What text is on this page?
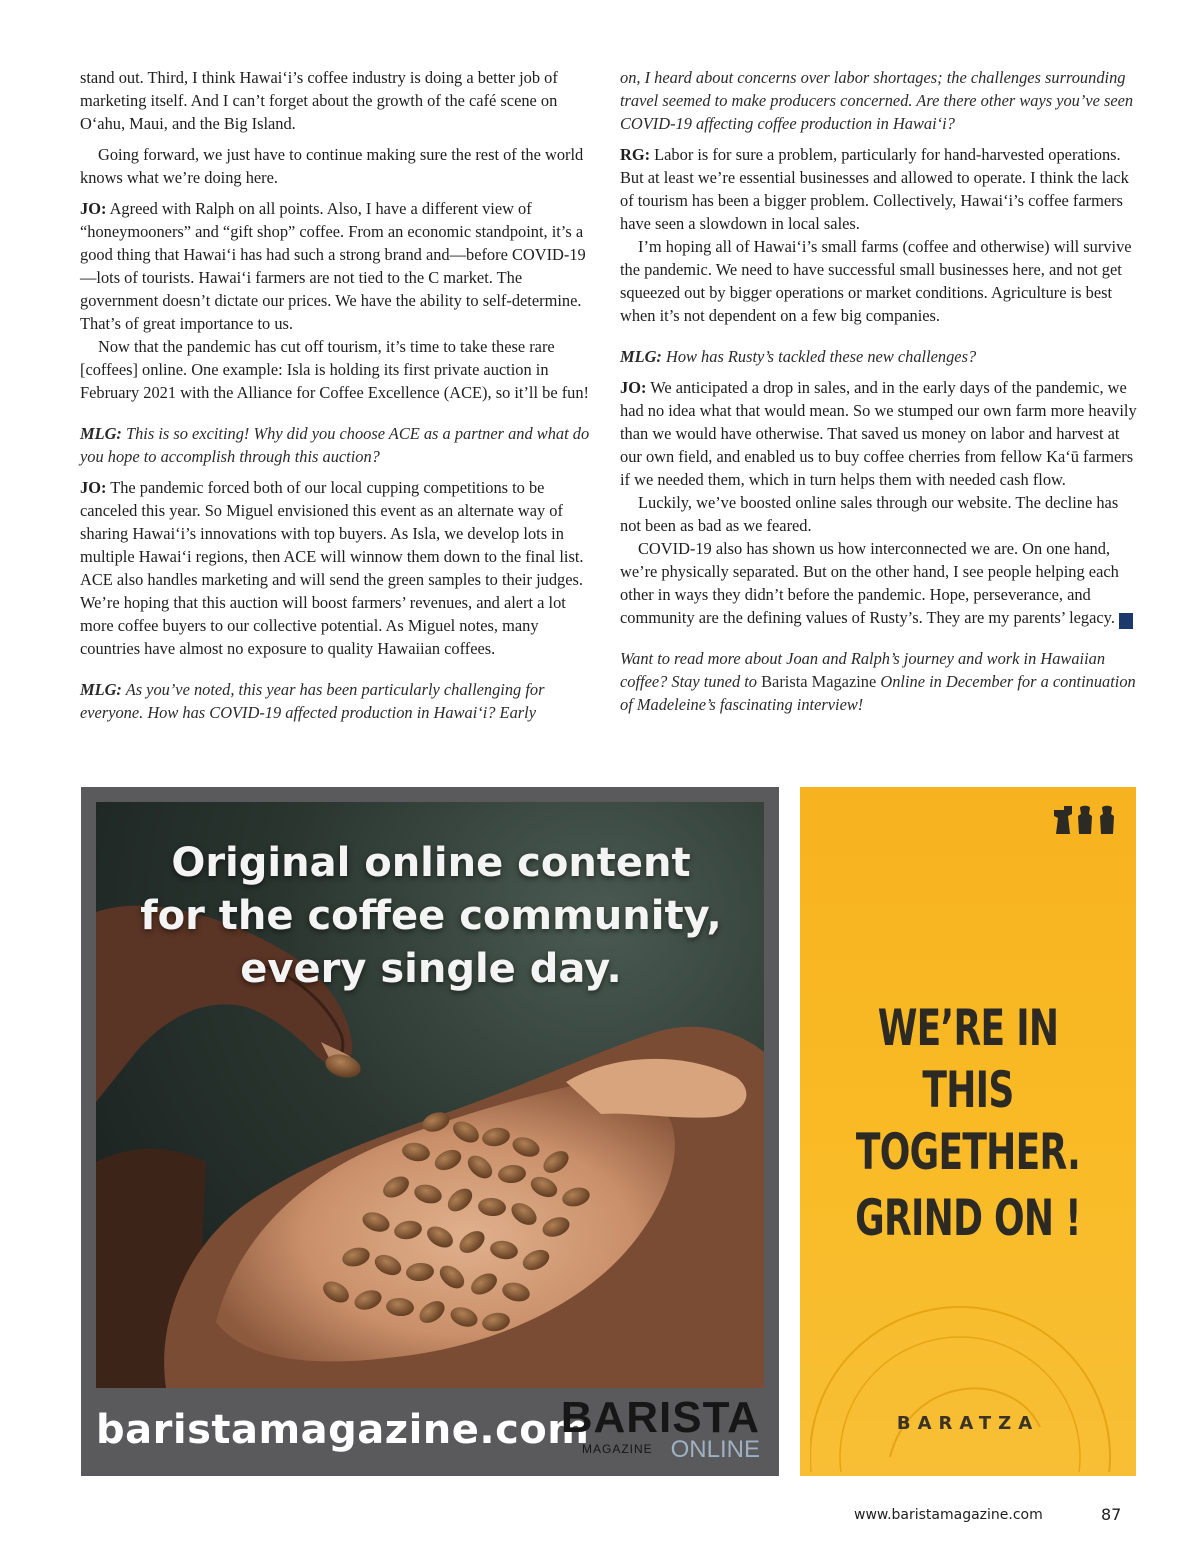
stand out. Third, I think Hawai‘i’s coffee industry is doing a better job of marketing itself. And I can’t forget about the growth of the café scene on O‘ahu, Maui, and the Big Island.

Going forward, we just have to continue making sure the rest of the world knows what we’re doing here.

JO: Agreed with Ralph on all points. Also, I have a different view of “honeymooners” and “gift shop” coffee. From an economic standpoint, it’s a good thing that Hawai‘i has had such a strong brand and—before COVID-19—lots of tourists. Hawai‘i farmers are not tied to the C market. The government doesn’t dictate our prices. We have the ability to self-determine. That’s of great importance to us.

Now that the pandemic has cut off tourism, it’s time to take these rare [coffees] online. One example: Isla is holding its first private auction in February 2021 with the Alliance for Coffee Excellence (ACE), so it’ll be fun!

MLG: This is so exciting! Why did you choose ACE as a partner and what do you hope to accomplish through this auction?

JO: The pandemic forced both of our local cupping competitions to be canceled this year. So Miguel envisioned this event as an alternate way of sharing Hawai‘i’s innovations with top buyers. As Isla, we develop lots in multiple Hawai‘i regions, then ACE will winnow them down to the final list. ACE also handles marketing and will send the green samples to their judges. We’re hoping that this auction will boost farmers’ revenues, and alert a lot more coffee buyers to our collective potential. As Miguel notes, many countries have almost no exposure to quality Hawaiian coffees.

MLG: As you’ve noted, this year has been particularly challenging for everyone. How has COVID-19 affected production in Hawai‘i? Early

on, I heard about concerns over labor shortages; the challenges surrounding travel seemed to make producers concerned. Are there other ways you’ve seen COVID-19 affecting coffee production in Hawai‘i?

RG: Labor is for sure a problem, particularly for hand-harvested operations. But at least we’re essential businesses and allowed to operate. I think the lack of tourism has been a bigger problem. Collectively, Hawai‘i’s coffee farmers have seen a slowdown in local sales.

I’m hoping all of Hawai‘i’s small farms (coffee and otherwise) will survive the pandemic. We need to have successful small businesses here, and not get squeezed out by bigger operations or market conditions. Agriculture is best when it’s not dependent on a few big companies.

MLG: How has Rusty’s tackled these new challenges?

JO: We anticipated a drop in sales, and in the early days of the pandemic, we had no idea what that would mean. So we stumped our own farm more heavily than we would have otherwise. That saved us money on labor and harvest at our own field, and enabled us to buy coffee cherries from fellow Ka‘ū farmers if we needed them, which in turn helps them with needed cash flow.

Luckily, we’ve boosted online sales through our website. The decline has not been as bad as we feared.

COVID-19 also has shown us how interconnected we are. On one hand, we’re physically separated. But on the other hand, I see people helping each other in ways they didn’t before the pandemic. Hope, perseverance, and community are the defining values of Rusty’s. They are my parents’ legacy. b

Want to read more about Joan and Ralph’s journey and work in Hawaiian coffee? Stay tuned to Barista Magazine Online in December for a continuation of Madeleine’s fascinating interview!

Original online content
for the coffee community,
every single day.
baristamagazine.com
BARISTA
MAGAZINE ONLINE
WE’RE IN THIS
TOGETHER.
GRIND ON !
BARATZA
www.baristamagazine.com	87
